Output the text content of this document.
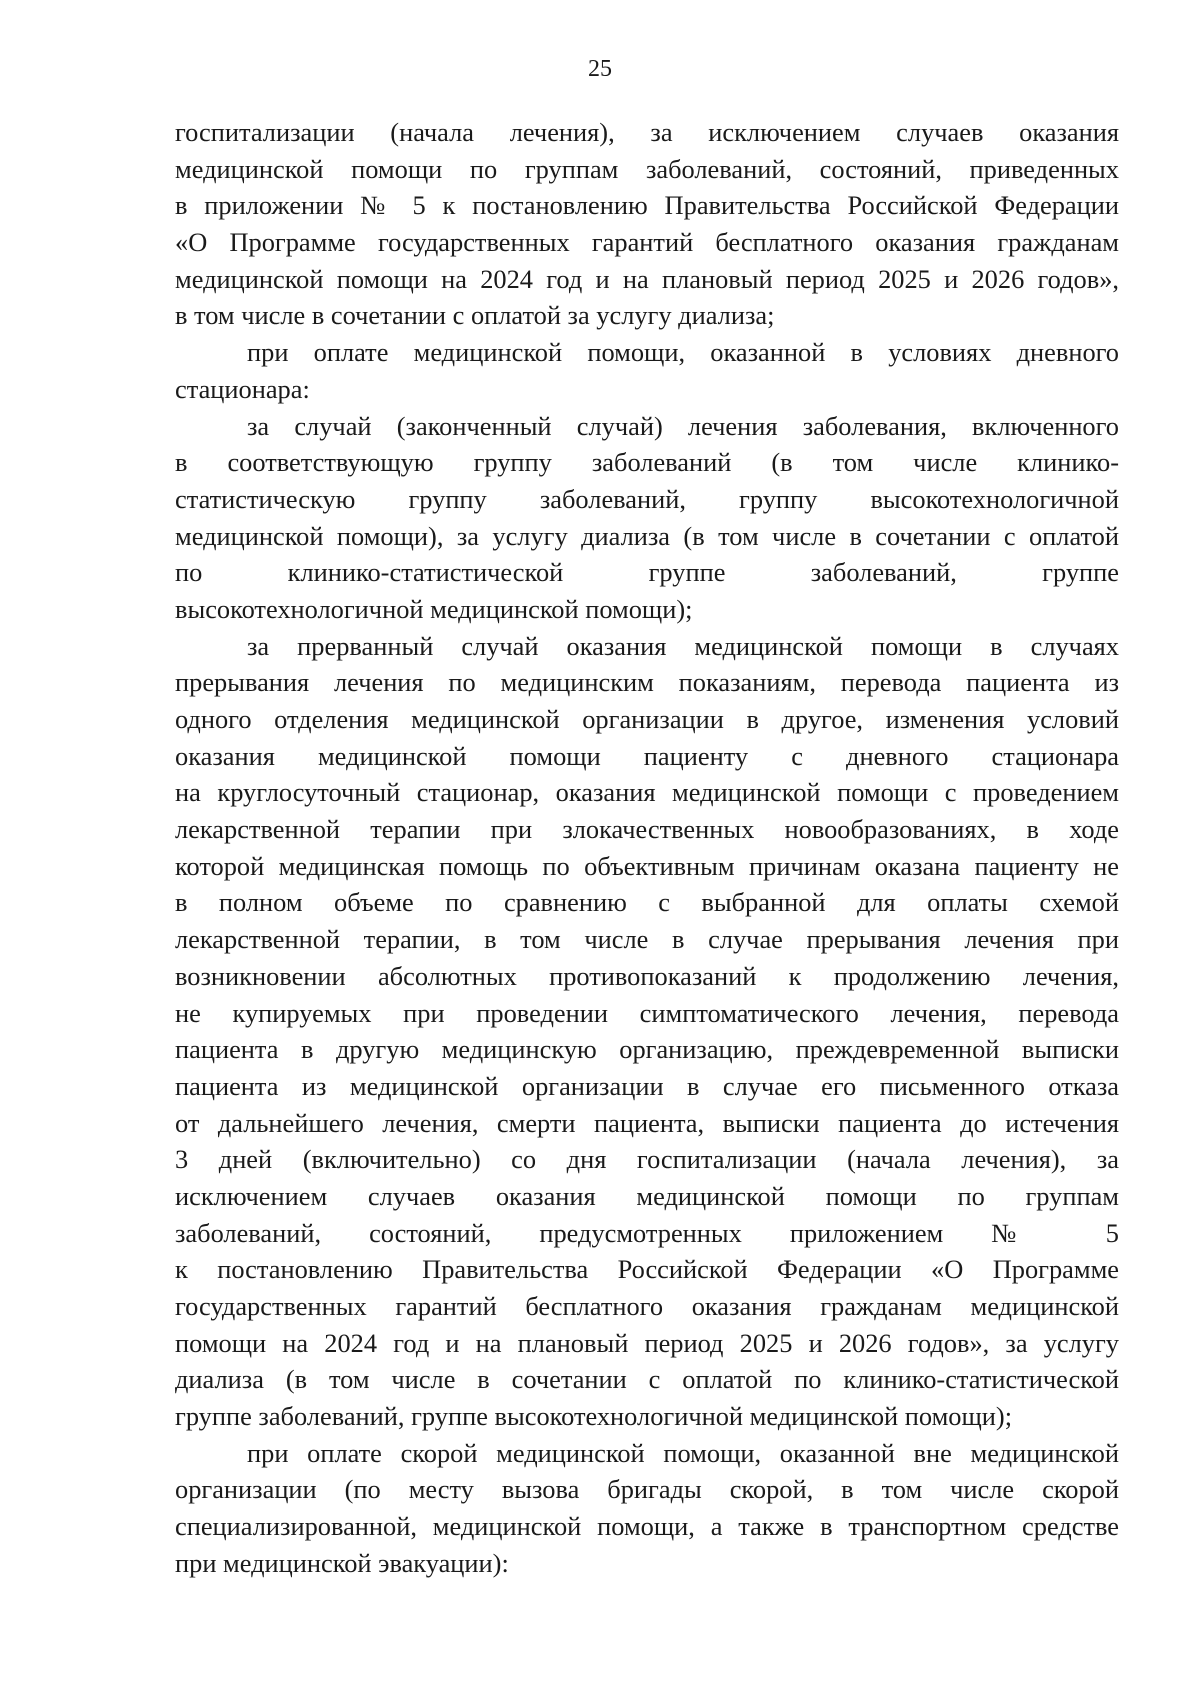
25
госпитализации (начала лечения), за исключением случаев оказания
медицинской помощи по группам заболеваний, состояний, приведенных
в приложении № 5 к постановлению Правительства Российской Федерации
«О Программе государственных гарантий бесплатного оказания гражданам
медицинской помощи на 2024 год и на плановый период 2025 и 2026 годов»,
в том числе в сочетании с оплатой за услугу диализа;
при оплате медицинской помощи, оказанной в условиях дневного
стационара:
за случай (законченный случай) лечения заболевания, включенного
в соответствующую группу заболеваний (в том числе клинико-
статистическую группу заболеваний, группу высокотехнологичной
медицинской помощи), за услугу диализа (в том числе в сочетании с оплатой
по клинико-статистической группе заболеваний, группе
высокотехнологичной медицинской помощи);
за прерванный случай оказания медицинской помощи в случаях
прерывания лечения по медицинским показаниям, перевода пациента из
одного отделения медицинской организации в другое, изменения условий
оказания медицинской помощи пациенту с дневного стационара
на круглосуточный стационар, оказания медицинской помощи с проведением
лекарственной терапии при злокачественных новообразованиях, в ходе
которой медицинская помощь по объективным причинам оказана пациенту не
в полном объеме по сравнению с выбранной для оплаты схемой
лекарственной терапии, в том числе в случае прерывания лечения при
возникновении абсолютных противопоказаний к продолжению лечения,
не купируемых при проведении симптоматического лечения, перевода
пациента в другую медицинскую организацию, преждевременной выписки
пациента из медицинской организации в случае его письменного отказа
от дальнейшего лечения, смерти пациента, выписки пациента до истечения
3 дней (включительно) со дня госпитализации (начала лечения), за
исключением случаев оказания медицинской помощи по группам
заболеваний, состояний, предусмотренных приложением № 5
к постановлению Правительства Российской Федерации «О Программе
государственных гарантий бесплатного оказания гражданам медицинской
помощи на 2024 год и на плановый период 2025 и 2026 годов», за услугу
диализа (в том числе в сочетании с оплатой по клинико-статистической
группе заболеваний, группе высокотехнологичной медицинской помощи);
при оплате скорой медицинской помощи, оказанной вне медицинской
организации (по месту вызова бригады скорой, в том числе скорой
специализированной, медицинской помощи, а также в транспортном средстве
при медицинской эвакуации):
